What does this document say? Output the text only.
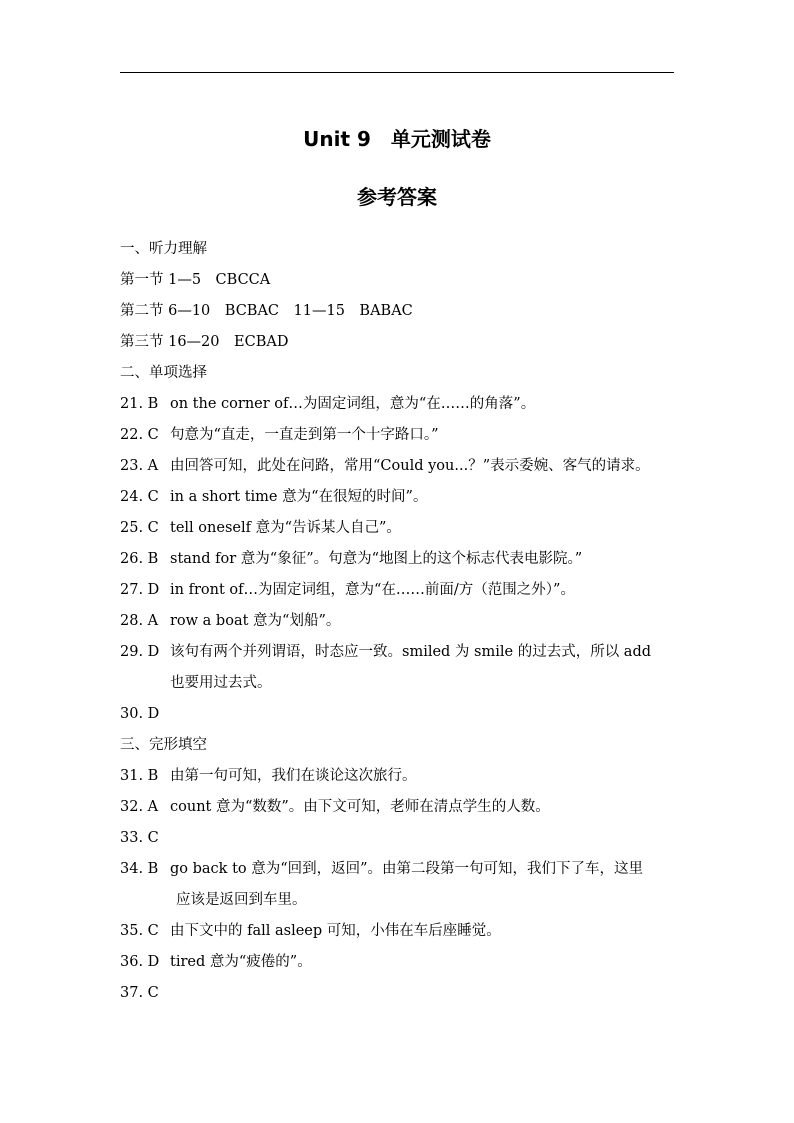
Unit 9　单元测试卷
参考答案
一、听力理解
第一节 1—5　CBCCA
第二节 6—10　BCBAC　11—15　BABAC
第三节 16—20　ECBAD
二、单项选择
21. B on the corner of…为固定词组，意为“在……的角落”。
22. C 句意为“直走，一直走到第一个十字路口。”
23. A 由回答可知，此处在问路，常用“Could you...？”表示委婉、客气的请求。
24. C in a short time 意为“在很短的时间”。
25. C tell oneself 意为“告诉某人自己”。
26. B stand for 意为“象征”。句意为“地图上的这个标志代表电影院。”
27. D in front of…为固定词组，意为“在……前面/方（范围之外）”。
28. A row a boat 意为“划船”。
29. D 该句有两个并列谓语，时态应一致。smiled 为 smile 的过去式，所以 add
也要用过去式。
30. D
三、完形填空
31. B 由第一句可知，我们在谈论这次旅行。
32. A count 意为“数数”。由下文可知，老师在清点学生的人数。
33. C
34. B go back to 意为“回到，返回”。由第二段第一句可知，我们下了车，这里
应该是返回到车里。
35. C 由下文中的 fall asleep 可知，小伟在车后座睡觉。
36. D tired 意为“疲倦的”。
37. C
